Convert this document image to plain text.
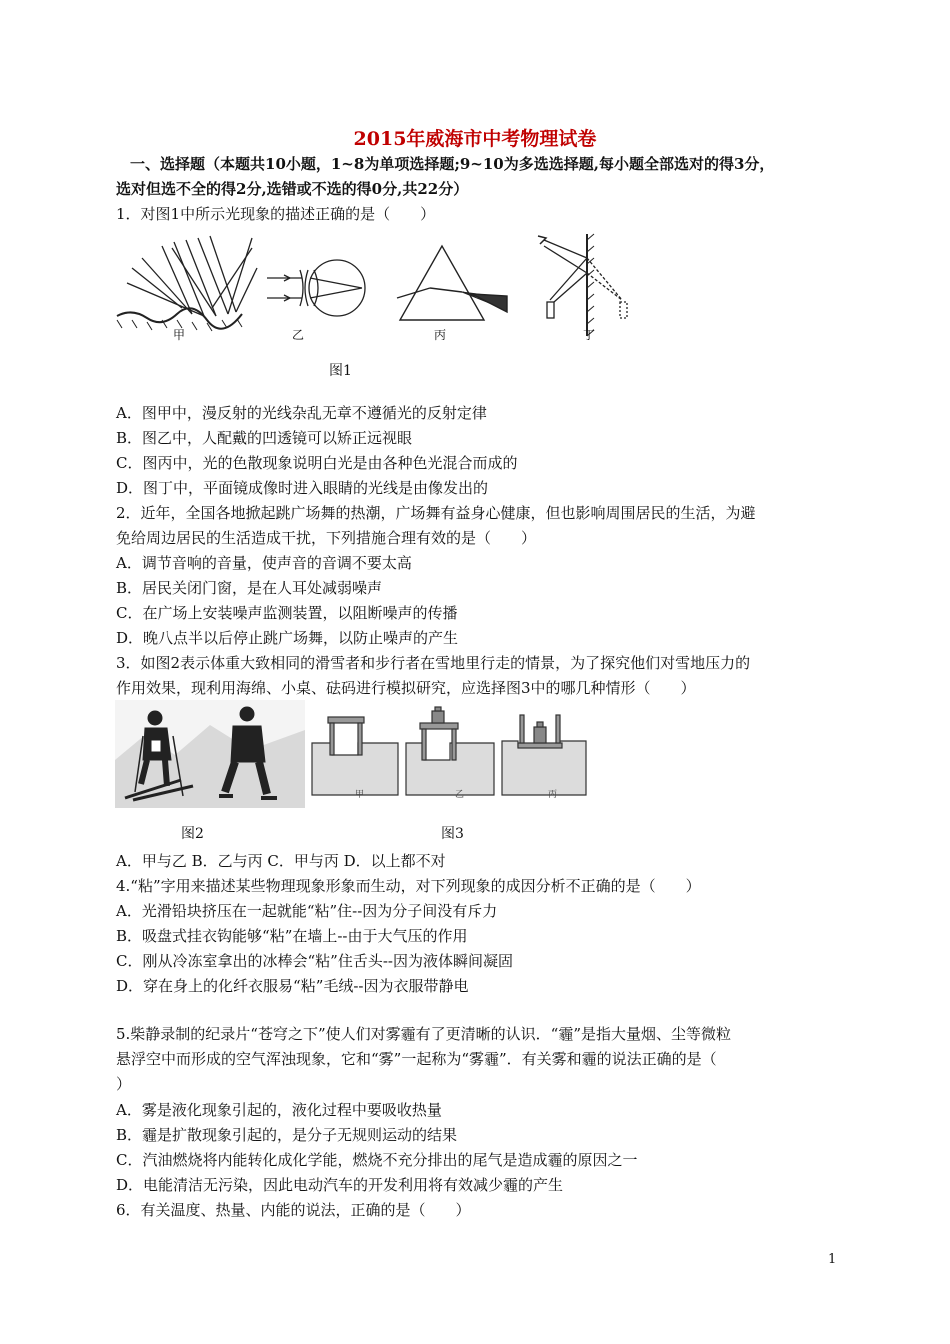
2015年威海市中考物理试卷
一、选择题（本题共10小题，1~8为单项选择题;9~10为多选选择题,每小题全部选对的得3分，
选对但选不全的得2分,选错或不选的得0分,共22分）
1．对图1中所示光现象的描述正确的是（　　）
甲	乙	丙	丁
图1
A．图甲中，漫反射的光线杂乱无章不遵循光的反射定律
B．图乙中，人配戴的凹透镜可以矫正远视眼
C．图丙中，光的色散现象说明白光是由各种色光混合而成的
D．图丁中，平面镜成像时进入眼睛的光线是由像发出的
2．近年，全国各地掀起跳广场舞的热潮，广场舞有益身心健康，但也影响周围居民的生活，为避
免给周边居民的生活造成干扰，下列措施合理有效的是（　　）
A．调节音响的音量，使声音的音调不要太高
B．居民关闭门窗，是在人耳处减弱噪声
C．在广场上安装噪声监测装置，以阻断噪声的传播
D．晚八点半以后停止跳广场舞，以防止噪声的产生
3．如图2表示体重大致相同的滑雪者和步行者在雪地里行走的情景，为了探究他们对雪地压力的
作用效果，现利用海绵、小桌、砝码进行模拟研究，应选择图3中的哪几种情形（　　）
甲	乙	丙
图2	图3
A．甲与乙 B．乙与丙 C．甲与丙 D．以上都不对
4.“粘”字用来描述某些物理现象形象而生动，对下列现象的成因分析不正确的是（　　）
A．光滑铅块挤压在一起就能“粘”住--因为分子间没有斥力
B．吸盘式挂衣钩能够“粘”在墙上--由于大气压的作用
C．刚从冷冻室拿出的冰棒会“粘”住舌头--因为液体瞬间凝固
D．穿在身上的化纤衣服易“粘”毛绒--因为衣服带静电
5.柴静录制的纪录片“苍穹之下”使人们对雾霾有了更清晰的认识．“霾”是指大量烟、尘等微粒
悬浮空中而形成的空气浑浊现象，它和“雾”一起称为“雾霾”．有关雾和霾的说法正确的是（
）
A．雾是液化现象引起的，液化过程中要吸收热量
B．霾是扩散现象引起的，是分子无规则运动的结果
C．汽油燃烧将内能转化成化学能，燃烧不充分排出的尾气是造成霾的原因之一
D．电能清洁无污染，因此电动汽车的开发利用将有效减少霾的产生
6．有关温度、热量、内能的说法，正确的是（　　）
1
